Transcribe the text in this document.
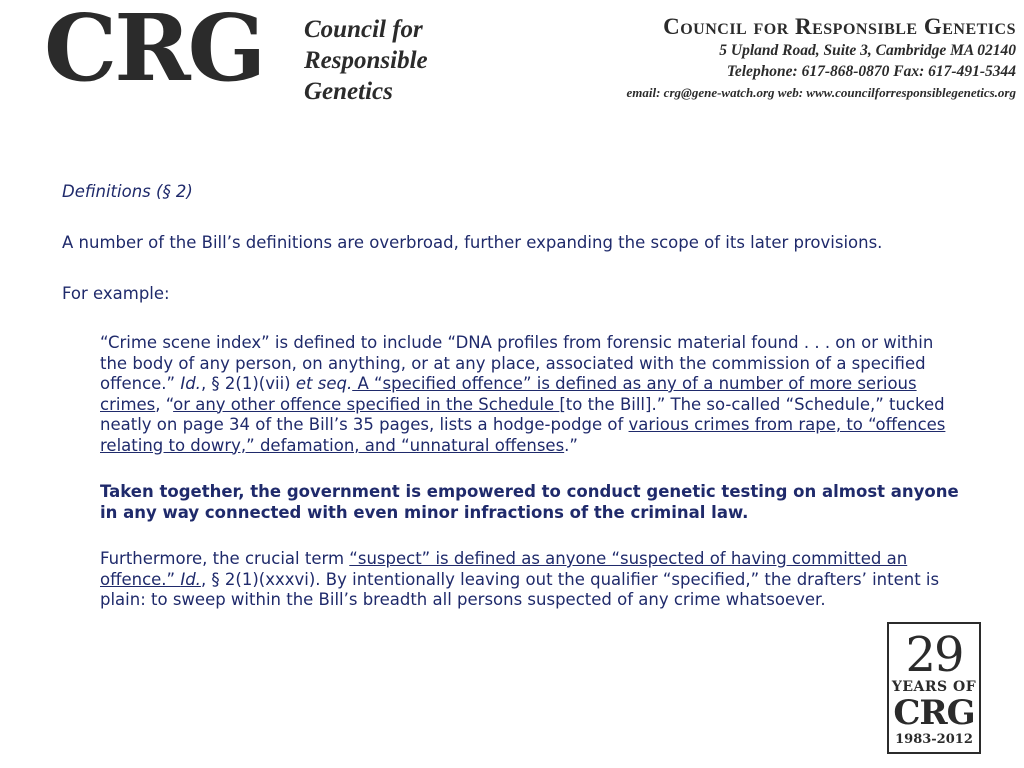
CRG Council for
Responsible
Genetics
Council for Responsible Genetics
5 Upland Road, Suite 3, Cambridge MA 02140
Telephone: 617-868-0870 Fax: 617-491-5344
email: crg@gene-watch.org web: www.councilforresponsiblegenetics.org

Definitions (§ 2)

A number of the Bill’s definitions are overbroad, further expanding the scope of its later provisions.

For example:

“Crime scene index” is defined to include “DNA profiles from forensic material found . . . on or within the body of any person, on anything, or at any place, associated with the commission of a specified offence.” Id., § 2(1)(vii) et seq. A “specified offence” is defined as any of a number of more serious crimes, “or any other offence specified in the Schedule [to the Bill].” The so-called “Schedule,” tucked neatly on page 34 of the Bill’s 35 pages, lists a hodge-podge of various crimes from rape, to “offences relating to dowry,” defamation, and “unnatural offenses.”

Taken together, the government is empowered to conduct genetic testing on almost anyone in any way connected with even minor infractions of the criminal law.

Furthermore, the crucial term “suspect” is defined as anyone “suspected of having committed an offence.” Id., § 2(1)(xxxvi). By intentionally leaving out the qualifier “specified,” the drafters’ intent is plain: to sweep within the Bill’s breadth all persons suspected of any crime whatsoever.

29
YEARS OF
CRG
1983-2012
